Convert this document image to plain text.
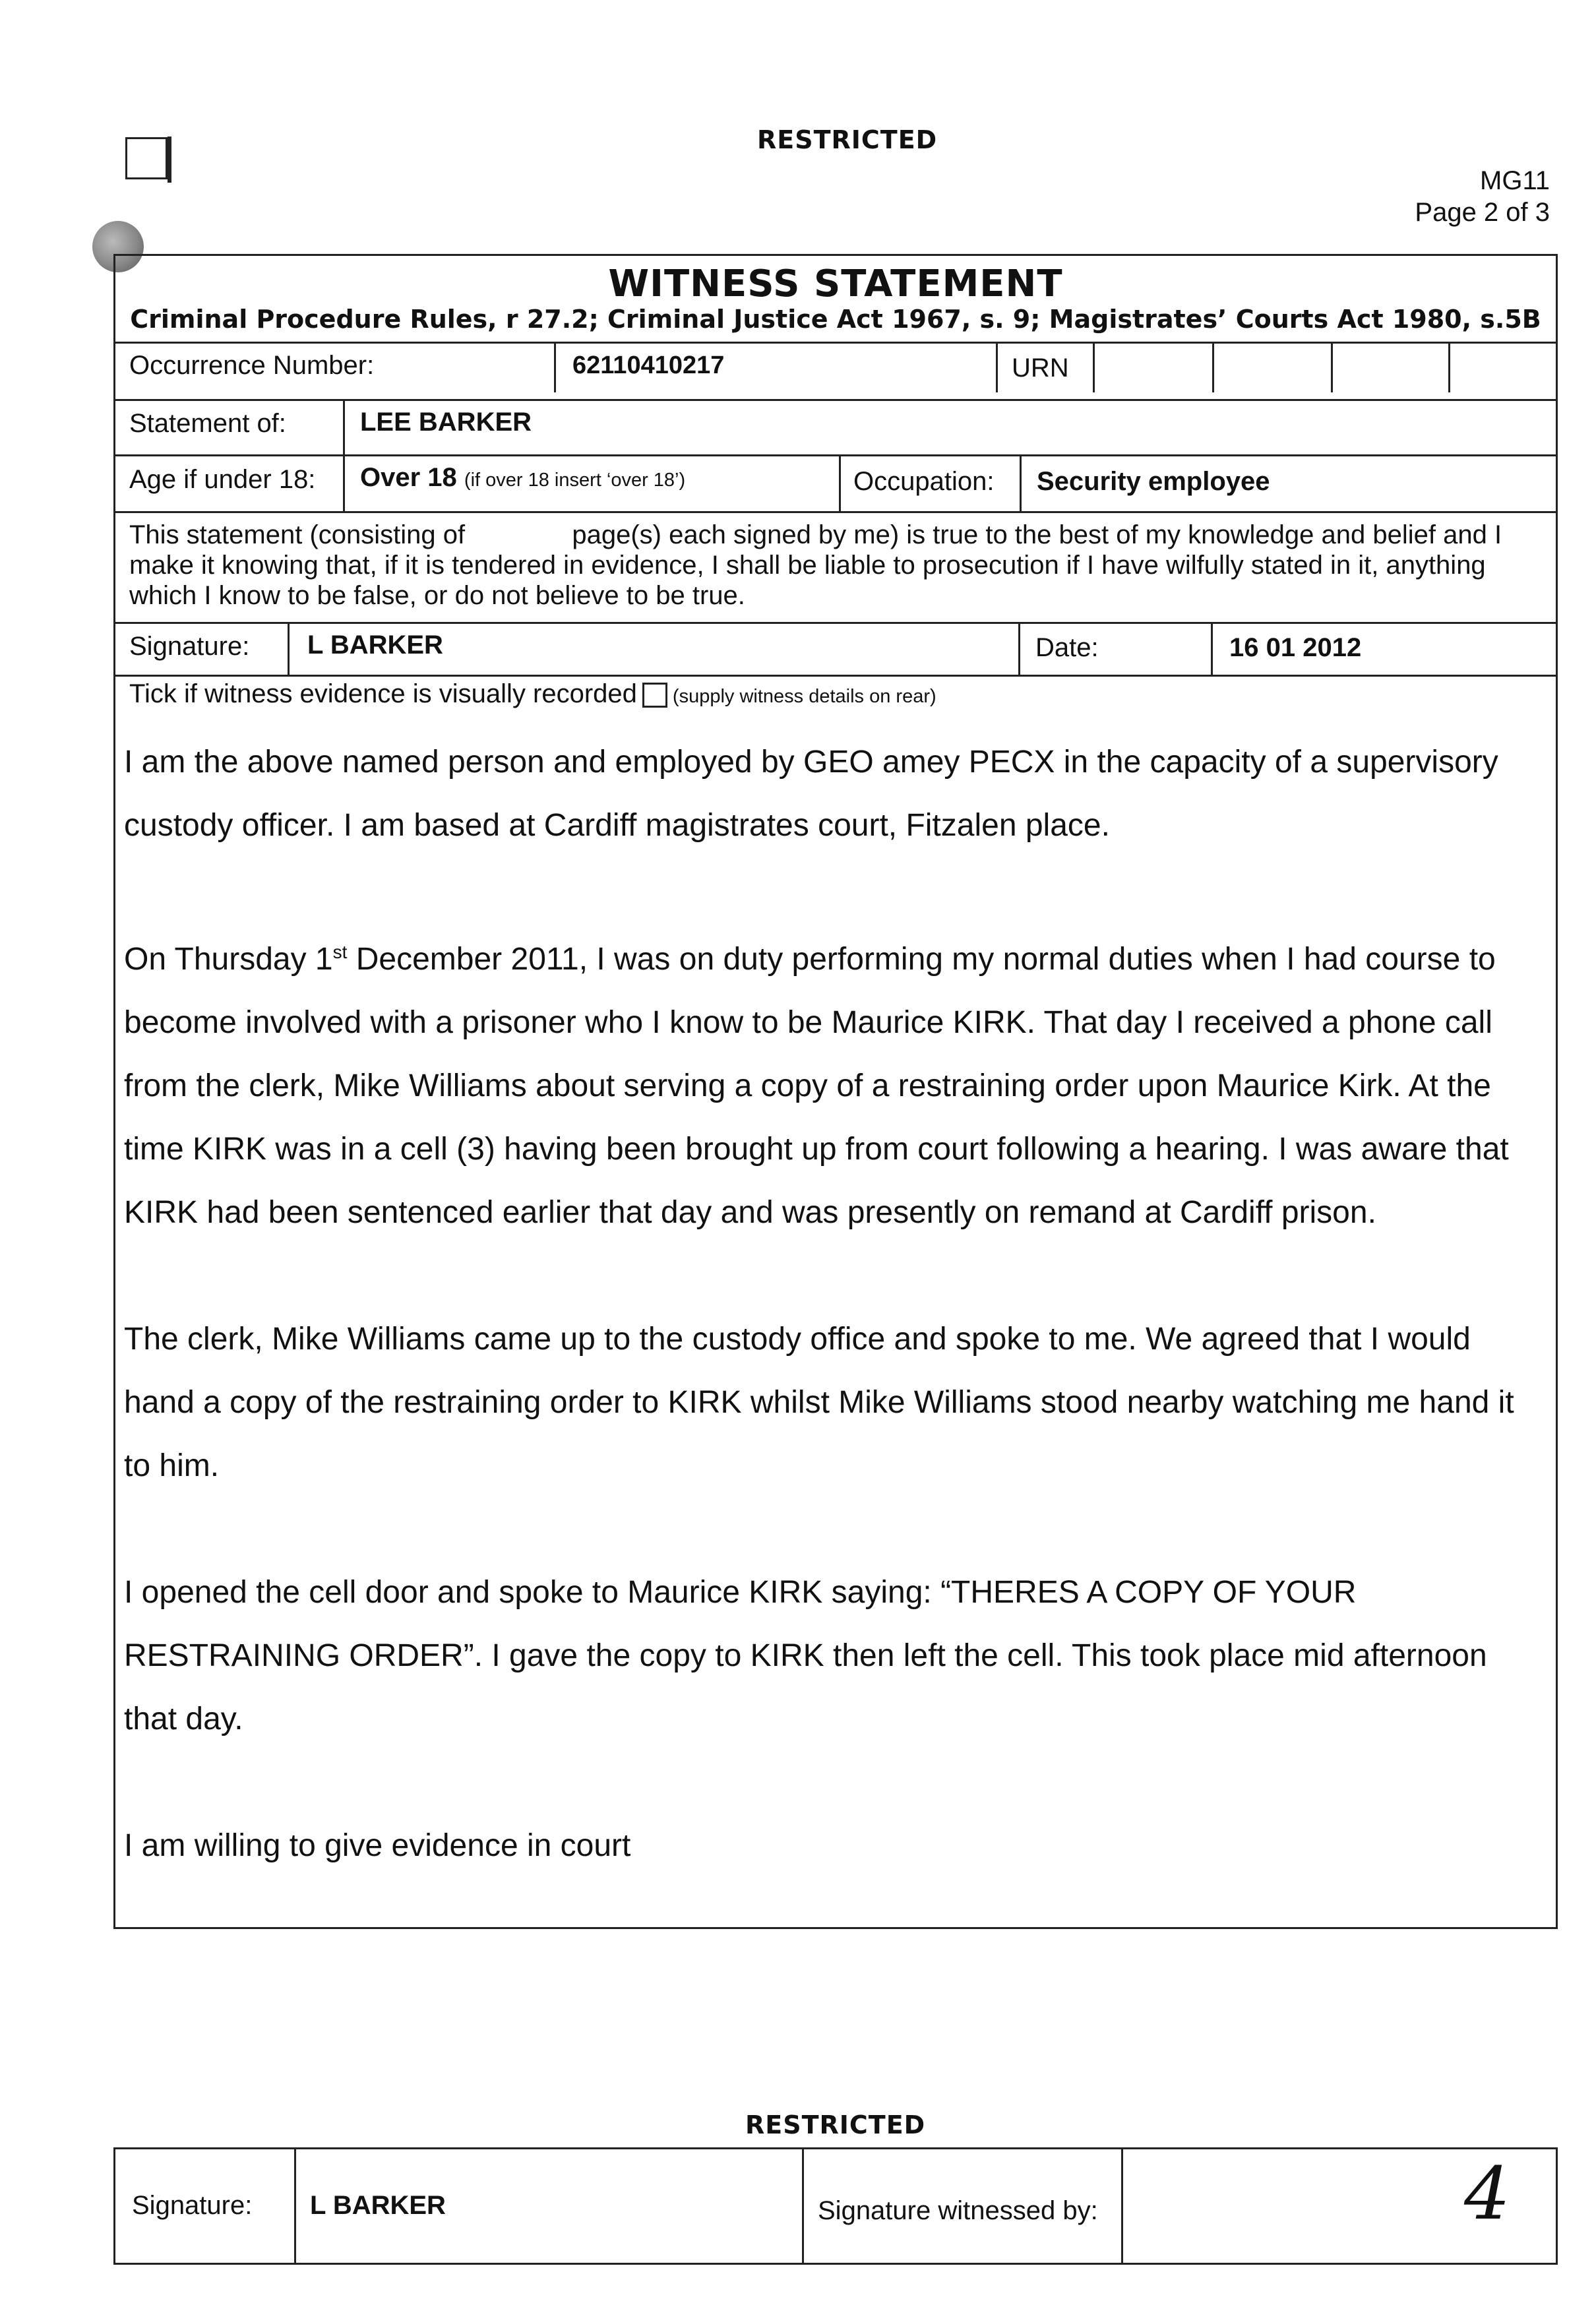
RESTRICTED
MG11
Page 2 of 3
WITNESS STATEMENT
Criminal Procedure Rules, r 27.2; Criminal Justice Act 1967, s. 9; Magistrates’ Courts Act 1980, s.5B
Occurrence Number:	62110410217	URN
Statement of:	LEE BARKER
Age if under 18: Over 18 (if over 18 insert ‘over 18’)	Occupation: Security employee
This statement (consisting of	page(s) each signed by me) is true to the best of my knowledge and belief and I make it knowing that, if it is tendered in evidence, I shall be liable to prosecution if I have wilfully stated in it, anything which I know to be false, or do not believe to be true.
Signature: L BARKER	Date:	16 01 2012
Tick if witness evidence is visually recorded (supply witness details on rear)

I am the above named person and employed by GEO amey PECX in the capacity of a supervisory custody officer. I am based at Cardiff magistrates court, Fitzalen place.

On Thursday 1st December 2011, I was on duty performing my normal duties when I had course to become involved with a prisoner who I know to be Maurice KIRK. That day I received a phone call from the clerk, Mike Williams about serving a copy of a restraining order upon Maurice Kirk. At the time KIRK was in a cell (3) having been brought up from court following a hearing. I was aware that KIRK had been sentenced earlier that day and was presently on remand at Cardiff prison.

The clerk, Mike Williams came up to the custody office and spoke to me. We agreed that I would hand a copy of the restraining order to KIRK whilst Mike Williams stood nearby watching me hand it to him.

I opened the cell door and spoke to Maurice KIRK saying: “THERES A COPY OF YOUR RESTRAINING ORDER”. I gave the copy to KIRK then left the cell. This took place mid afternoon that day.

I am willing to give evidence in court

RESTRICTED
Signature: L BARKER	Signature witnessed by:	4
